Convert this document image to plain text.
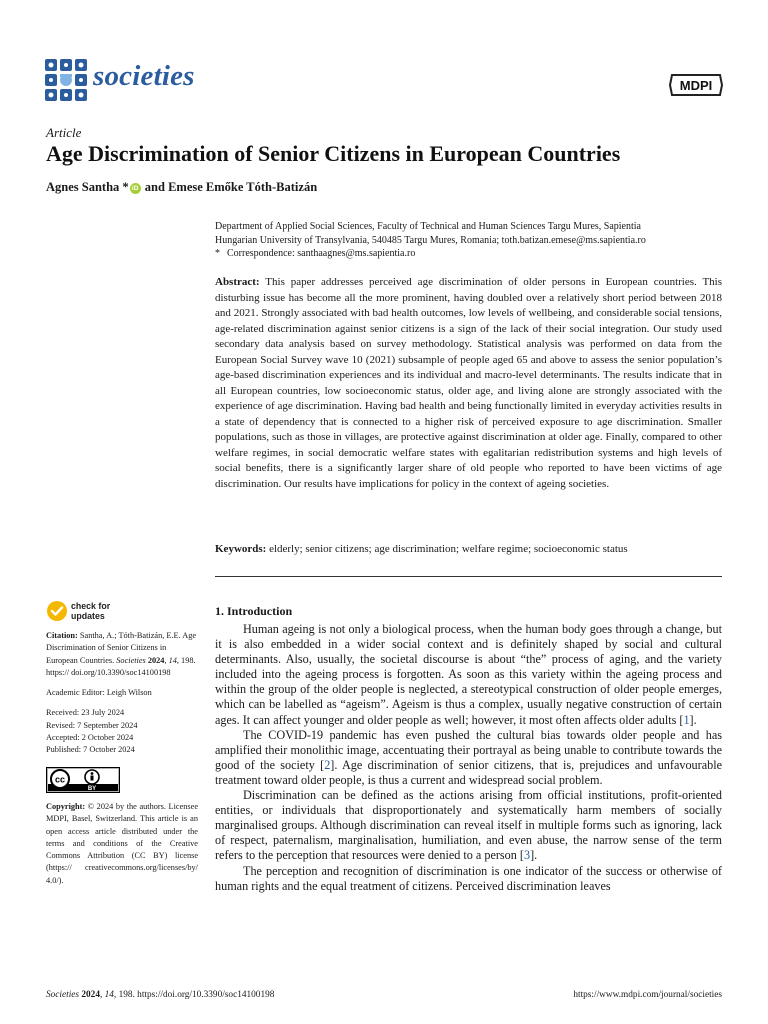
societies	MDPI
Article
Age Discrimination of Senior Citizens in European Countries
Agnes Santha * iD and Emese Emőke Tóth-Batizán
Department of Applied Social Sciences, Faculty of Technical and Human Sciences Targu Mures, Sapientia
Hungarian University of Transylvania, 540485 Targu Mures, Romania; toth.batizan.emese@ms.sapientia.ro
* Correspondence: santhaagnes@ms.sapientia.ro
Abstract: This paper addresses perceived age discrimination of older persons in European countries. This disturbing issue has become all the more prominent, having doubled over a relatively short period between 2018 and 2021. Strongly associated with bad health outcomes, low levels of wellbeing, and considerable social tensions, age-related discrimination against senior citizens is a sign of the lack of their social integration. Our study used secondary data analysis based on survey methodology. Statistical analysis was performed on data from the European Social Survey wave 10 (2021) subsample of people aged 65 and above to assess the senior population’s age-based discrimination experiences and its individual and macro-level determinants. The results indicate that in all European countries, low socioeconomic status, older age, and living alone are strongly associated with the experience of age discrimination. Having bad health and being functionally limited in everyday activities results in a state of dependency that is connected to a higher risk of perceived exposure to age discrimination. Smaller populations, such as those in villages, are protective against discrimination at older age. Finally, compared to other welfare regimes, in social democratic welfare states with egalitarian redistribution systems and high levels of social benefits, there is a significantly larger share of old people who reported to have been victims of age discrimination. Our results have implications for policy in the context of ageing societies.
Keywords: elderly; senior citizens; age discrimination; welfare regime; socioeconomic status
check for
updates

Citation: Santha, A.; Tóth-Batizán, E.E. Age Discrimination of Senior Citizens in European Countries. Societies 2024, 14, 198. https:// doi.org/10.3390/soc14100198

Academic Editor: Leigh Wilson

Received: 23 July 2024

Revised: 7 September 2024

Accepted: 2 October 2024

Published: 7 October 2024

cc
BY

Copyright: © 2024 by the authors. Licensee MDPI, Basel, Switzerland. This article is an open access article distributed under the terms and conditions of the Creative Commons Attribution (CC BY) license (https:// creativecommons.org/licenses/by/ 4.0/).

1. Introduction

Human ageing is not only a biological process, when the human body goes through a change, but it is also embedded in a wider social context and is definitely shaped by social and cultural determinants. Also, usually, the societal discourse is about “the” process of aging, and the variety included into the ageing process is forgotten. As soon as this variety within the ageing process and within the group of the older people is neglected, a stereotypical construction of older people emerges, which can be labelled as “ageism”. Ageism is thus a complex, usually negative construction of certain ages. It can affect younger and older people as well; however, it most often affects older adults [1].

The COVID-19 pandemic has even pushed the cultural bias towards older people and has amplified their monolithic image, accentuating their portrayal as being unable to contribute towards the good of the society [2]. Age discrimination of senior citizens, that is, prejudices and unfavourable treatment toward older people, is thus a current and widespread social problem.

Discrimination can be defined as the actions arising from official institutions, profit-oriented entities, or individuals that disproportionately and systematically harm members of socially marginalised groups. Although discrimination can reveal itself in multiple forms such as ignoring, lack of respect, paternalism, marginalisation, humiliation, and even abuse, the narrow sense of the term refers to the perception that resources were denied to a person [3].

The perception and recognition of discrimination is one indicator of the success or otherwise of human rights and the equal treatment of citizens. Perceived discrimination leaves

Societies 2024, 14, 198. https://doi.org/10.3390/soc14100198	https://www.mdpi.com/journal/societies
